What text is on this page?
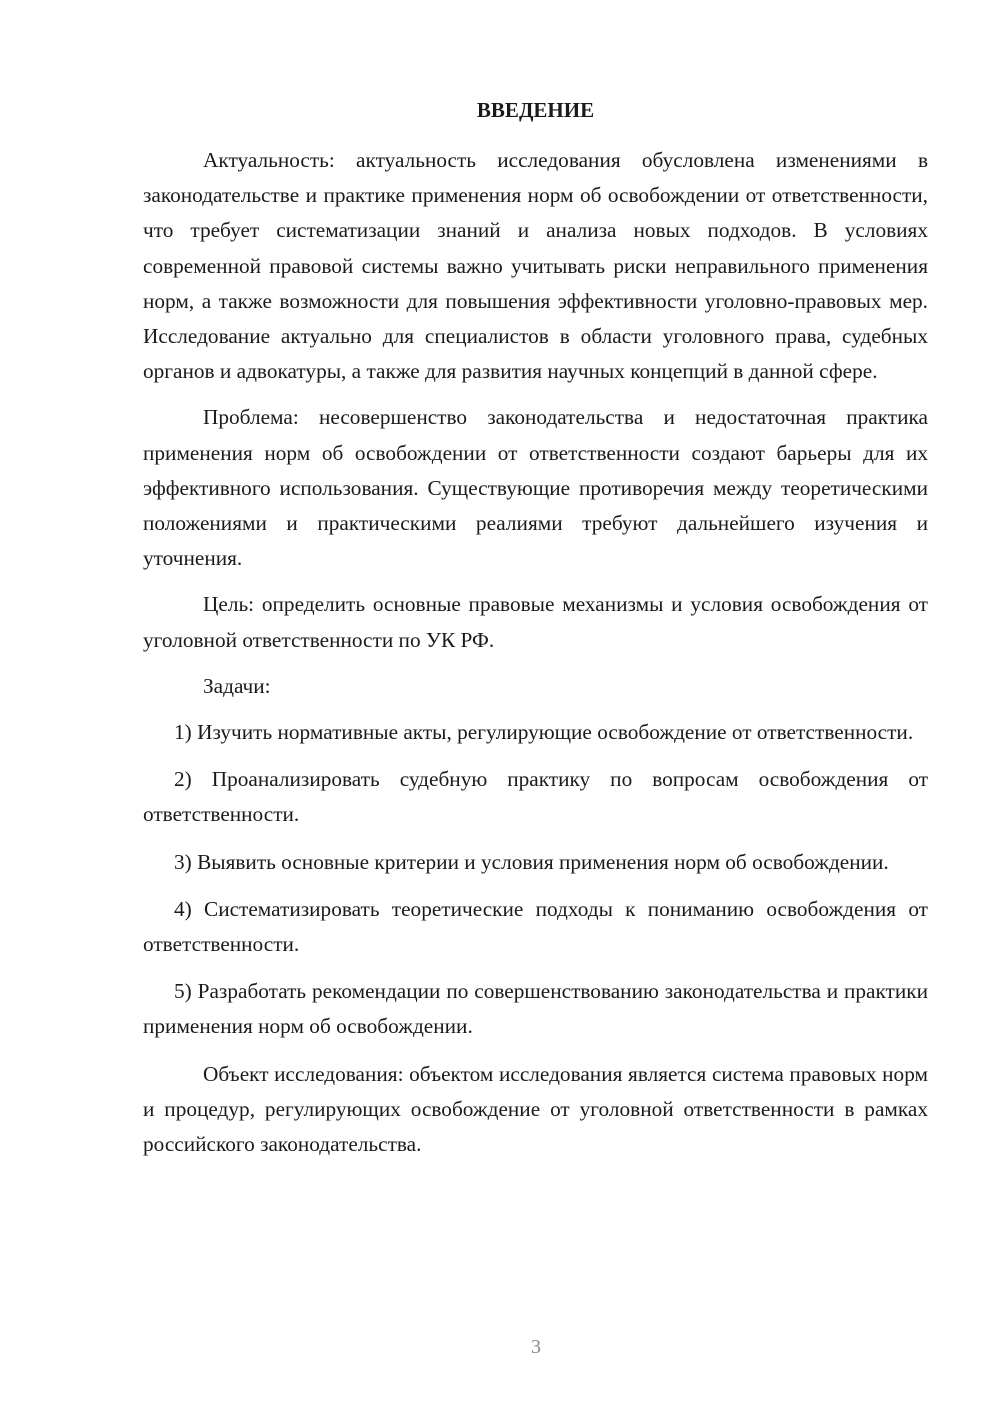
ВВЕДЕНИЕ

Актуальность: актуальность исследования обусловлена изменениями в законодательстве и практике применения норм об освобождении от ответственности, что требует систематизации знаний и анализа новых подходов. В условиях современной правовой системы важно учитывать риски неправильного применения норм, а также возможности для повышения эффективности уголовно-правовых мер. Исследование актуально для специалистов в области уголовного права, судебных органов и адвокатуры, а также для развития научных концепций в данной сфере.

Проблема: несовершенство законодательства и недостаточная практика применения норм об освобождении от ответственности создают барьеры для их эффективного использования. Существующие противоречия между теоретическими положениями и практическими реалиями требуют дальнейшего изучения и уточнения.

Цель: определить основные правовые механизмы и условия освобождения от уголовной ответственности по УК РФ.

Задачи:

1) Изучить нормативные акты, регулирующие освобождение от ответственности.

2) Проанализировать судебную практику по вопросам освобождения от ответственности.

3) Выявить основные критерии и условия применения норм об освобождении.

4) Систематизировать теоретические подходы к пониманию освобождения от ответственности.

5) Разработать рекомендации по совершенствованию законодательства и практики применения норм об освобождении.

Объект исследования: объектом исследования является система правовых норм и процедур, регулирующих освобождение от уголовной ответственности в рамках российского законодательства.

3
